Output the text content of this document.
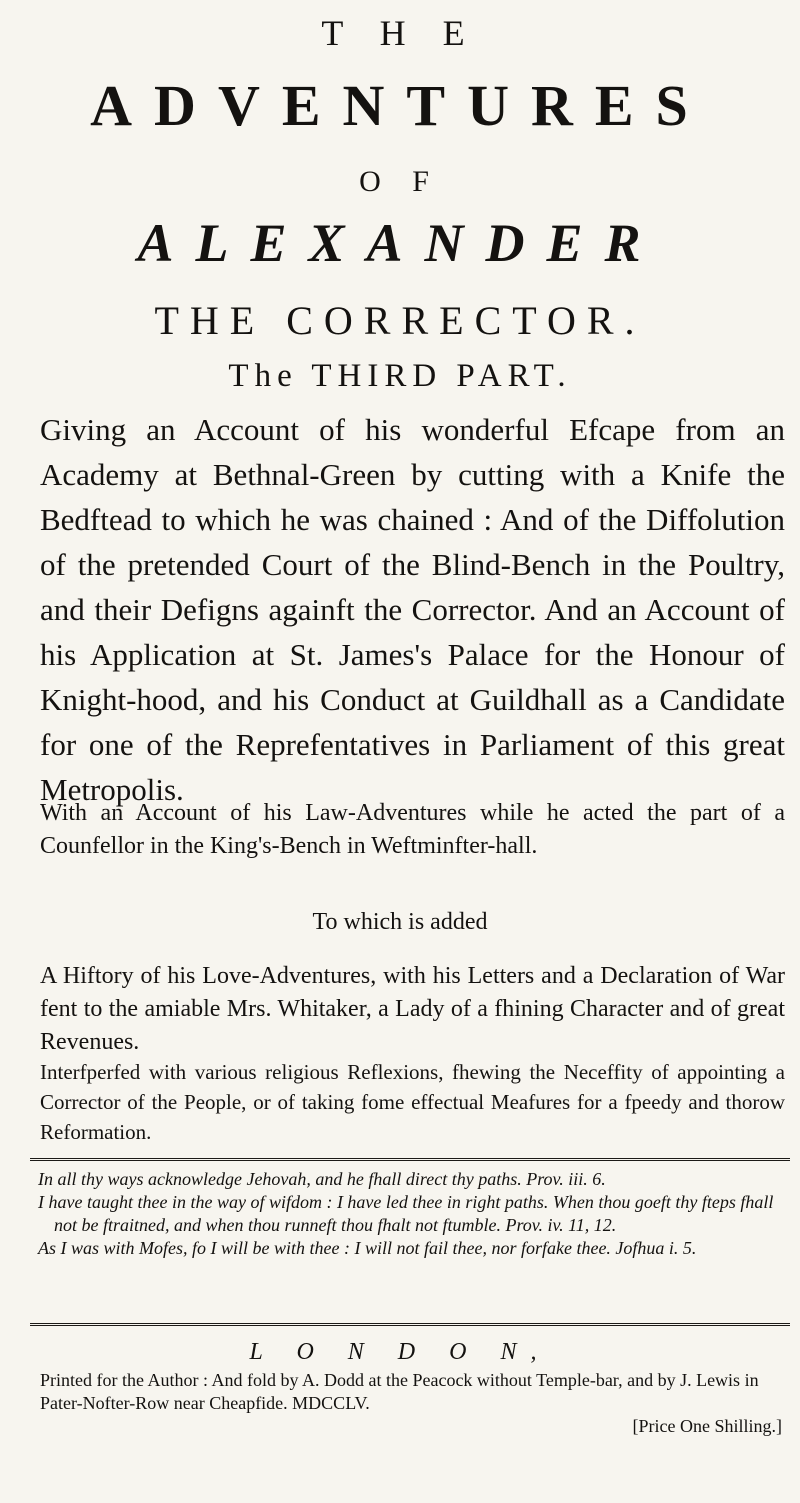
T H E
ADVENTURES
O F
ALEXANDER
THE CORRECTOR.
The THIRD PART.
Giving an Account of his wonderful Efcape from an Academy at Bethnal-Green by cutting with a Knife the Bedftead to which he was chained : And of the Diffolution of the pretended Court of the Blind-Bench in the Poultry, and their Defigns againft the Corrector. And an Account of his Application at St. James's Palace for the Honour of Knight-hood, and his Conduct at Guildhall as a Candidate for one of the Reprefentatives in Parliament of this great Metropolis.
With an Account of his Law-Adventures while he acted the part of a Counfellor in the King's-Bench in Weftminfter-hall.
To which is added
A Hiftory of his Love-Adventures, with his Letters and a Declaration of War fent to the amiable Mrs. Whitaker, a Lady of a fhining Character and of great Revenues.
Interfperfed with various religious Reflexions, fhewing the Neceffity of appointing a Corrector of the People, or of taking fome effectual Meafures for a fpeedy and thorow Reformation.

In all thy ways acknowledge Jehovah, and he fhall direct thy paths. Prov. iii. 6.

I have taught thee in the way of wifdom : I have led thee in right paths. When thou goeft thy fteps fhall not be ftraitned, and when thou runneft thou fhalt not ftumble. Prov. iv. 11, 12.

As I was with Mofes, fo I will be with thee : I will not fail thee, nor forfake thee. Jofhua i. 5.

L O N D O N,
Printed for the Author : And fold by A. Dodd at the Peacock without Temple-bar, and by J. Lewis in Pater-Nofter-Row near Cheapfide. MDCCLV.
[Price One Shilling.]
